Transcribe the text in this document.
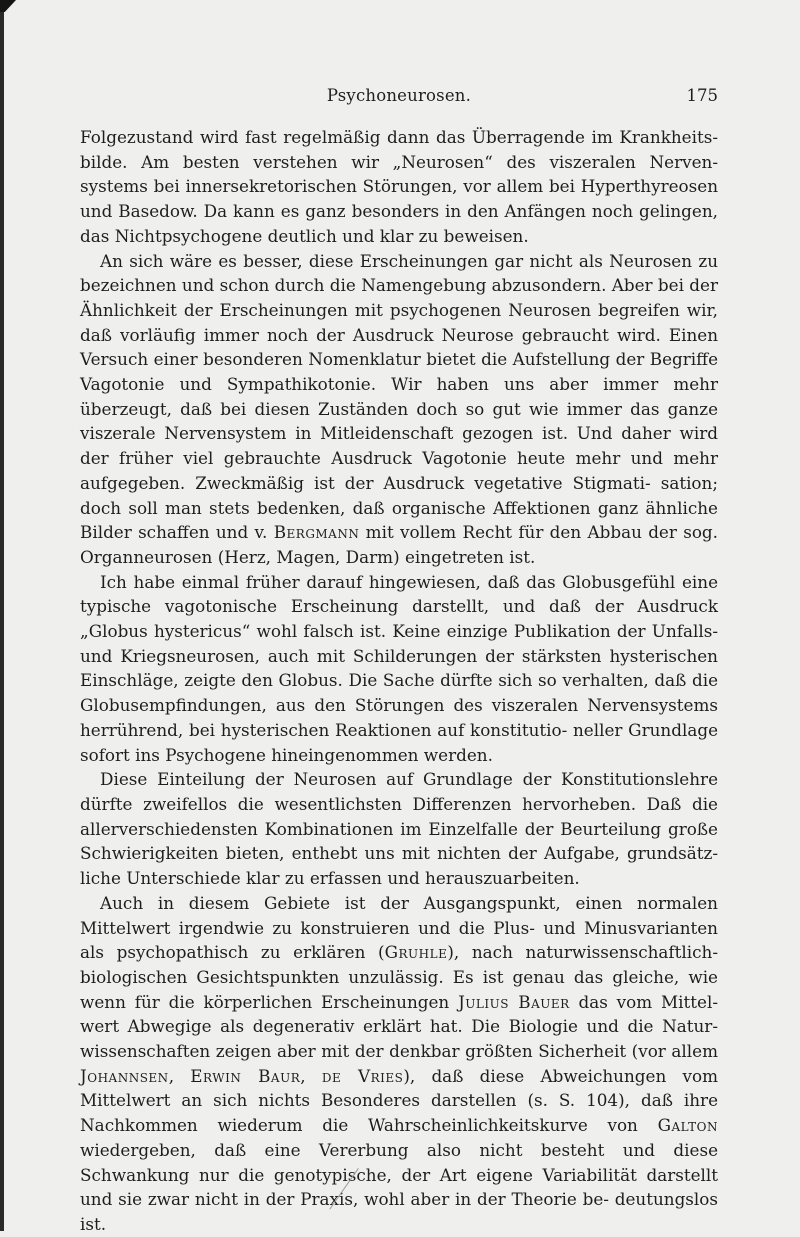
Psychoneurosen.	175

Folgezustand wird fast regelmäßig dann das Überragende im Krankheits- bilde. Am besten verstehen wir „Neurosen“ des viszeralen Nerven- systems bei innersekretorischen Störungen, vor allem bei Hyperthyreosen und Basedow. Da kann es ganz besonders in den Anfängen noch gelingen, das Nichtpsychogene deutlich und klar zu beweisen.

An sich wäre es besser, diese Erscheinungen gar nicht als Neurosen zu bezeichnen und schon durch die Namengebung abzusondern. Aber bei der Ähnlichkeit der Erscheinungen mit psychogenen Neurosen begreifen wir, daß vorläufig immer noch der Ausdruck Neurose gebraucht wird. Einen Versuch einer besonderen Nomenklatur bietet die Aufstellung der Begriffe Vagotonie und Sympathikotonie. Wir haben uns aber immer mehr überzeugt, daß bei diesen Zuständen doch so gut wie immer das ganze viszerale Nervensystem in Mitleidenschaft gezogen ist. Und daher wird der früher viel gebrauchte Ausdruck Vagotonie heute mehr und mehr aufgegeben. Zweckmäßig ist der Ausdruck vegetative Stigmati- sation; doch soll man stets bedenken, daß organische Affektionen ganz ähnliche Bilder schaffen und v. Bergmann mit vollem Recht für den Abbau der sog. Organneurosen (Herz, Magen, Darm) eingetreten ist.

Ich habe einmal früher darauf hingewiesen, daß das Globusgefühl eine typische vagotonische Erscheinung darstellt, und daß der Ausdruck „Globus hystericus“ wohl falsch ist. Keine einzige Publikation der Unfalls- und Kriegsneurosen, auch mit Schilderungen der stärksten hysterischen Einschläge, zeigte den Globus. Die Sache dürfte sich so verhalten, daß die Globusempfindungen, aus den Störungen des viszeralen Nervensystems herrührend, bei hysterischen Reaktionen auf konstitutio- neller Grundlage sofort ins Psychogene hineingenommen werden.

Diese Einteilung der Neurosen auf Grundlage der Konstitutionslehre dürfte zweifellos die wesentlichsten Differenzen hervorheben. Daß die allerverschiedensten Kombinationen im Einzelfalle der Beurteilung große Schwierigkeiten bieten, enthebt uns mit nichten der Aufgabe, grundsätz- liche Unterschiede klar zu erfassen und herauszuarbeiten.

Auch in diesem Gebiete ist der Ausgangspunkt, einen normalen Mittelwert irgendwie zu konstruieren und die Plus- und Minusvarianten als psychopathisch zu erklären (Gruhle), nach naturwissenschaftlich- biologischen Gesichtspunkten unzulässig. Es ist genau das gleiche, wie wenn für die körperlichen Erscheinungen Julius Bauer das vom Mittel- wert Abwegige als degenerativ erklärt hat. Die Biologie und die Natur- wissenschaften zeigen aber mit der denkbar größten Sicherheit (vor allem Johannsen, Erwin Baur, de Vries), daß diese Abweichungen vom Mittelwert an sich nichts Besonderes darstellen (s. S. 104), daß ihre Nachkommen wiederum die Wahrscheinlichkeitskurve von Galton wiedergeben, daß eine Vererbung also nicht besteht und diese Schwankung nur die genotypische, der Art eigene Variabilität darstellt und sie zwar nicht in der Praxis, wohl aber in der Theorie be- deutungslos ist.
